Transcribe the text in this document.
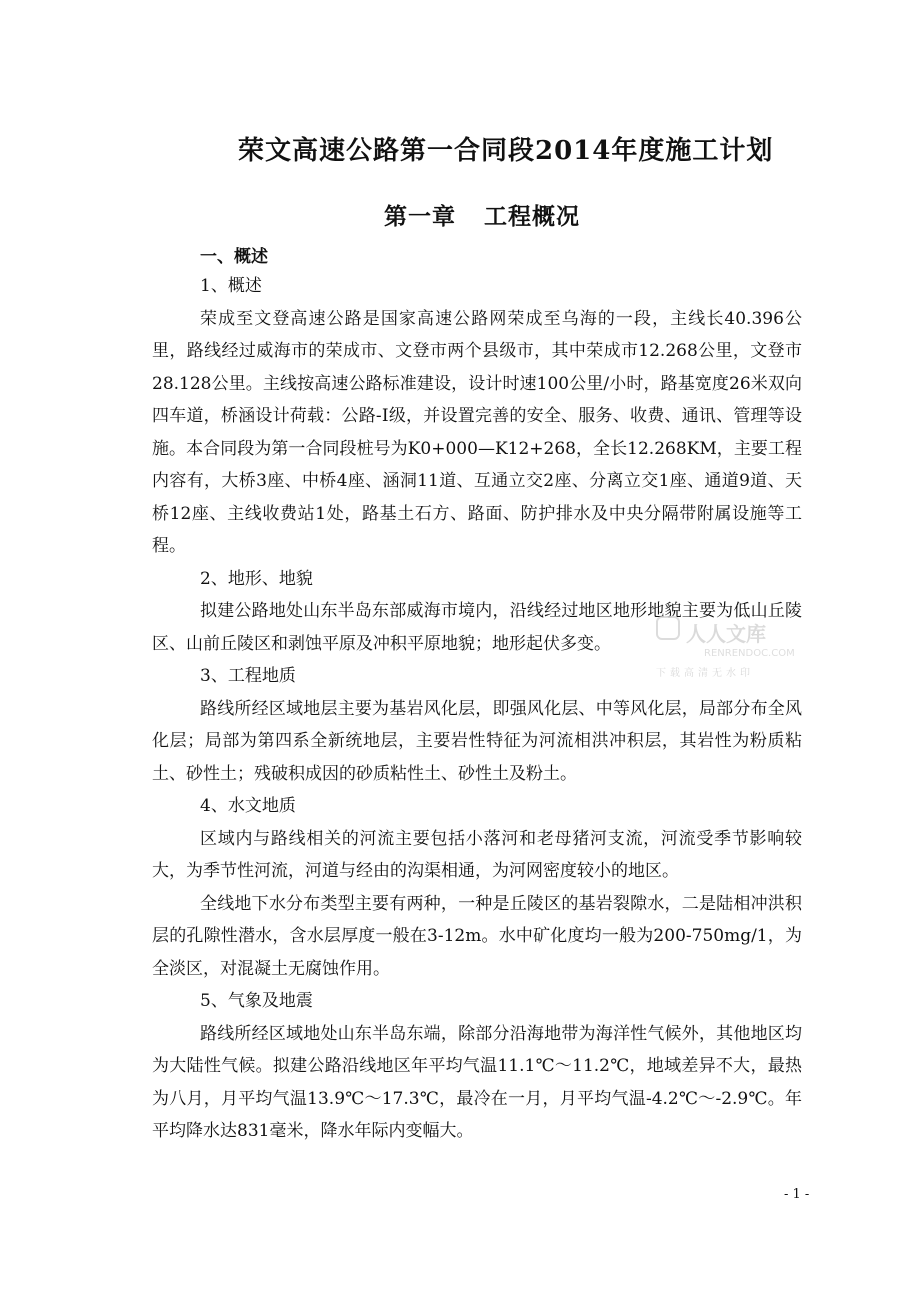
荣文高速公路第一合同段2014年度施工计划
第一章 工程概况
一、概述

1、概述

荣成至文登高速公路是国家高速公路网荣成至乌海的一段，主线长40.396公里，路线经过威海市的荣成市、文登市两个县级市，其中荣成市12.268公里，文登市28.128公里。主线按高速公路标准建设，设计时速100公里/小时，路基宽度26米双向四车道，桥涵设计荷载：公路-Ⅰ级，并设置完善的安全、服务、收费、通讯、管理等设施。本合同段为第一合同段桩号为K0+000—K12+268，全长12.268KM，主要工程内容有，大桥3座、中桥4座、涵洞11道、互通立交2座、分离立交1座、通道9道、天桥12座、主线收费站1处，路基土石方、路面、防护排水及中央分隔带附属设施等工程。

2、地形、地貌

拟建公路地处山东半岛东部威海市境内，沿线经过地区地形地貌主要为低山丘陵区、山前丘陵区和剥蚀平原及冲积平原地貌；地形起伏多变。

3、工程地质

路线所经区域地层主要为基岩风化层，即强风化层、中等风化层，局部分布全风化层；局部为第四系全新统地层，主要岩性特征为河流相洪冲积层，其岩性为粉质粘土、砂性土；残破积成因的砂质粘性土、砂性土及粉土。

4、水文地质

区域内与路线相关的河流主要包括小落河和老母猪河支流，河流受季节影响较大，为季节性河流，河道与经由的沟渠相通，为河网密度较小的地区。

全线地下水分布类型主要有两种，一种是丘陵区的基岩裂隙水，二是陆相冲洪积层的孔隙性潜水，含水层厚度一般在3-12m。水中矿化度均一般为200-750mg/1，为全淡区，对混凝土无腐蚀作用。

5、气象及地震

路线所经区域地处山东半岛东端，除部分沿海地带为海洋性气候外，其他地区均为大陆性气候。拟建公路沿线地区年平均气温11.1℃～11.2℃，地域差异不大，最热为八月，月平均气温13.9℃～17.3℃，最冷在一月，月平均气温-4.2℃～-2.9℃。年平均降水达831毫米，降水年际内变幅大。

- 1 -
人人文库
RENRENDOC.COM
下载高清无水印
